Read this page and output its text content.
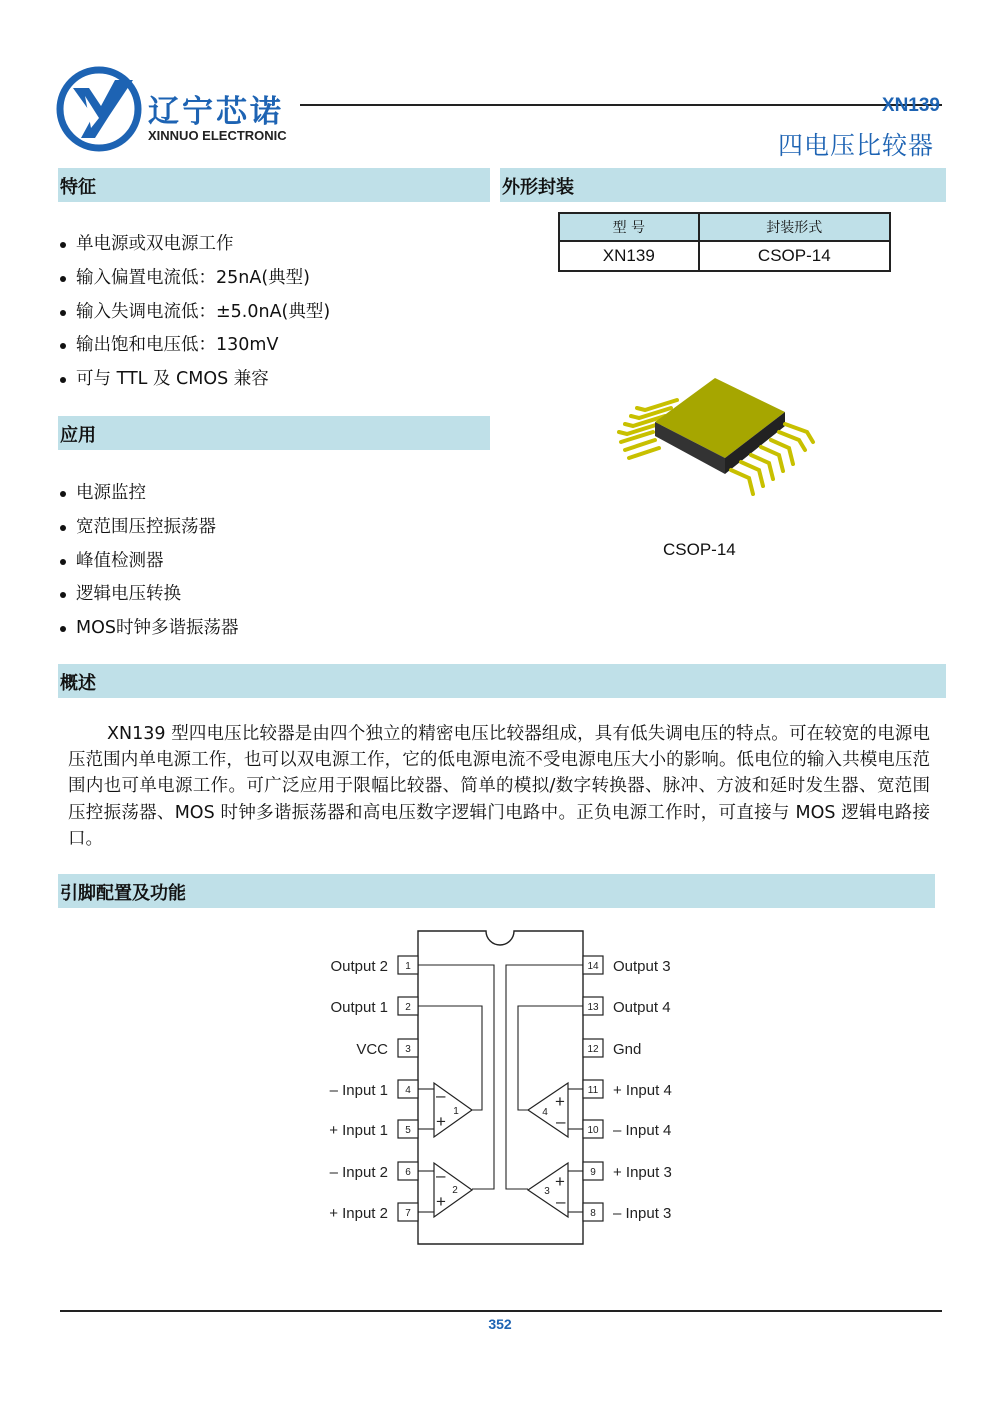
辽宁芯诺
XINNUO ELECTRONIC
XN139
四电压比较器
特征
单电源或双电源工作
输入偏置电流低：25nA(典型)
输入失调电流低：±5.0nA(典型)
输出饱和电压低：130mV
可与 TTL 及 CMOS 兼容
外形封装
型 号	封装形式
XN139	CSOP-14
CSOP-14
应用
电源监控
宽范围压控振荡器
峰值检测器
逻辑电压转换
MOS时钟多谐振荡器
概述
XN139 型四电压比较器是由四个独立的精密电压比较器组成，具有低失调电压的特点。可在较宽的电源电压范围内单电源工作，也可以双电源工作，它的低电源电流不受电源电压大小的影响。低电位的输入共模电压范围内也可单电源工作。可广泛应用于限幅比较器、简单的模拟/数字转换器、脉冲、方波和延时发生器、宽范围压控振荡器、MOS 时钟多谐振荡器和高电压数字逻辑门电路中。正负电源工作时，可直接与 MOS 逻辑电路接口。
引脚配置及功能
1
2
3
4
5
6
7
14
13
12
11
10
9
8
Output 2
Output 1
VCC
– Input 1
+ Input 1
– Input 2
+ Input 2
Output 3
Output 4
Gnd
+ Input 4
– Input 4
+ Input 3
– Input 3
–
+
–
+
+
–
+
–
1
2	3
4
352
